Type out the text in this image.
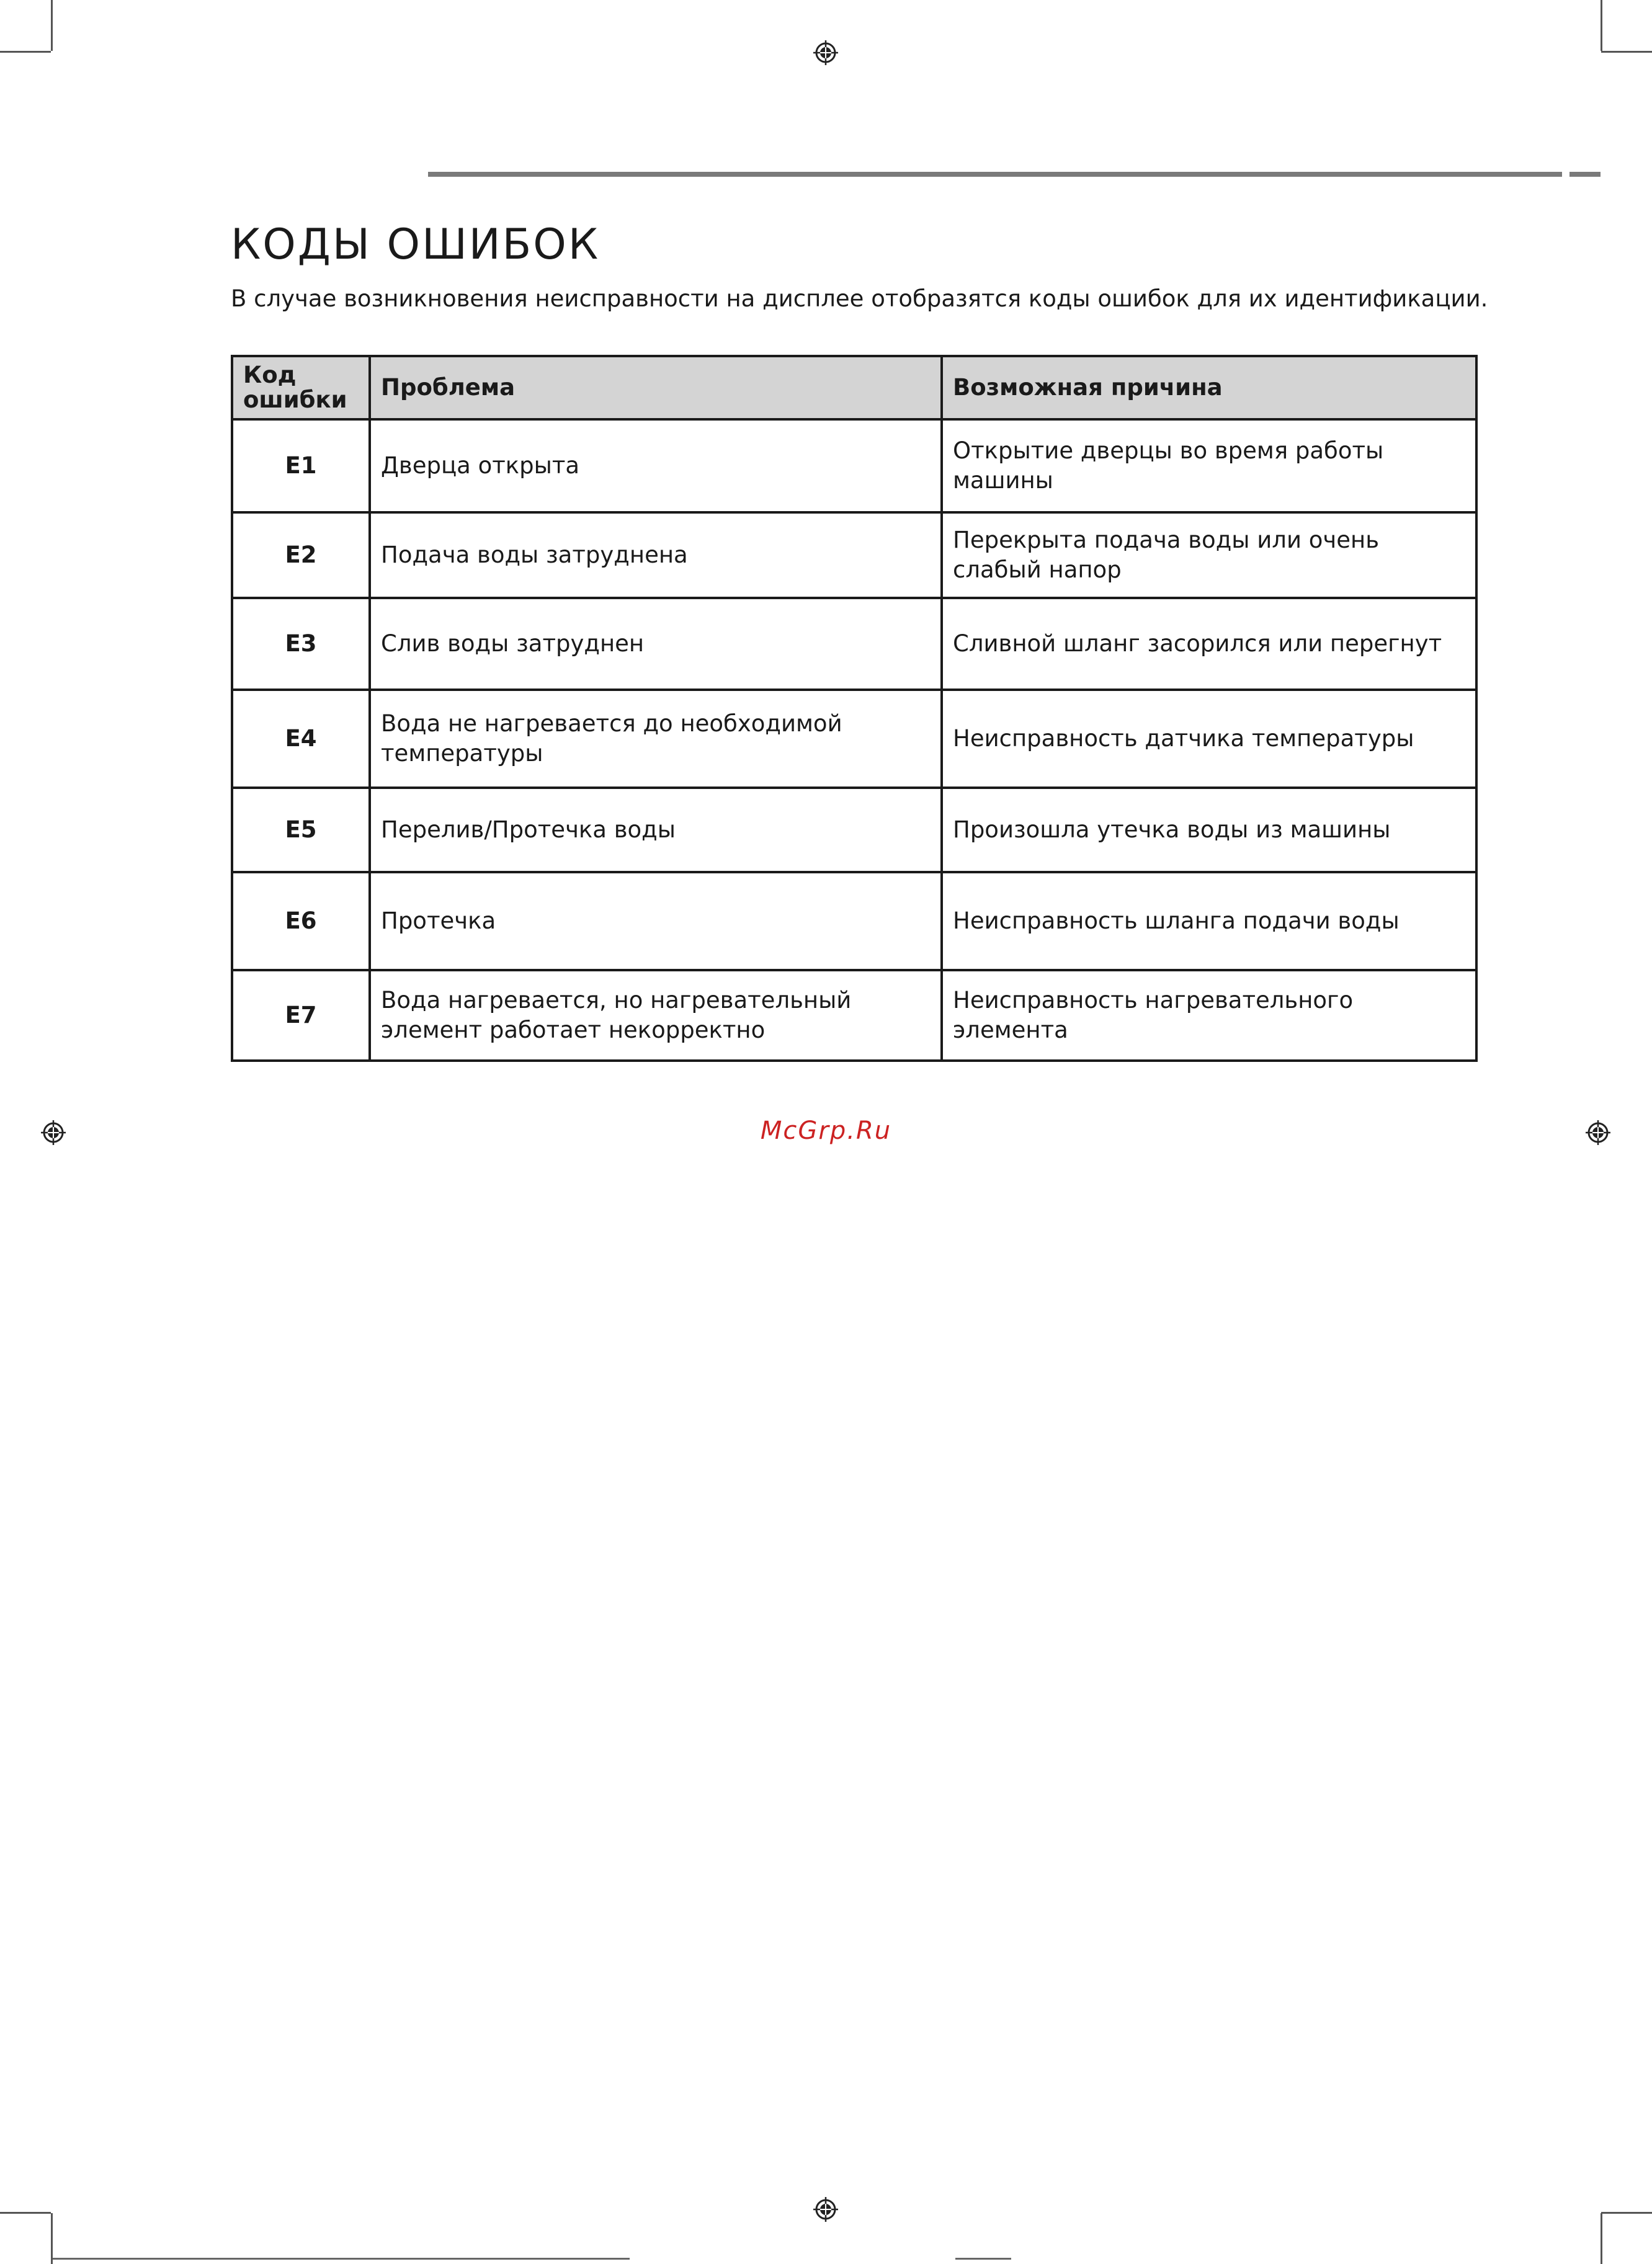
КОДЫ ОШИБОК

В случае возникновения неисправности на дисплее отобразятся коды ошибок для их идентификации.

Код ошибки	Проблема	Возможная причина
E1	Дверца открыта	Открытие дверцы во время работы машины
E2	Подача воды затруднена	Перекрыта подача воды или очень слабый напор
E3	Слив воды затруднен	Сливной шланг засорился или перегнут
E4	Вода не нагревается до необходимой температуры	Неисправность датчика температуры
E5	Перелив/Протечка воды	Произошла утечка воды из машины
E6	Протечка	Неисправность шланга подачи воды
E7	Вода нагревается, но нагревательный элемент работает некорректно	Неисправность нагревательного элемента
McGrp.Ru
